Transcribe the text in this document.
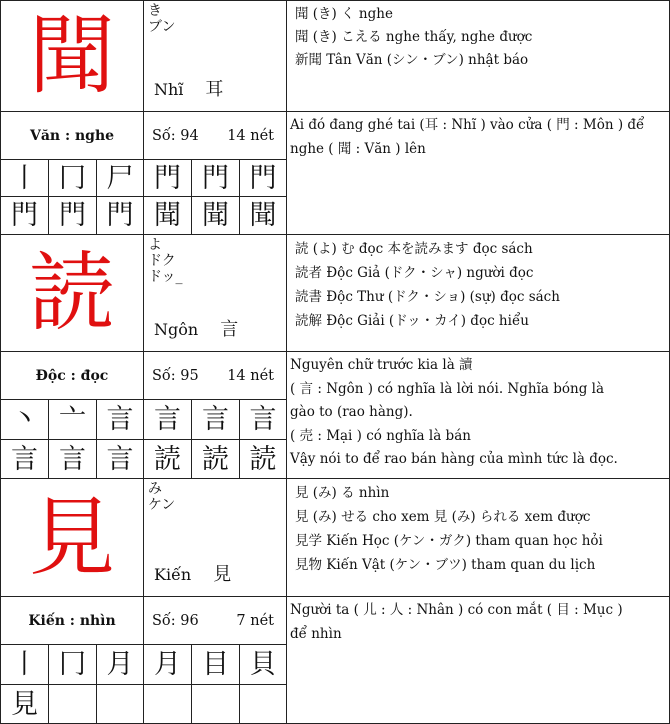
聞 き
ブン
Nhĩ 耳
聞 (き) く nghe
聞 (き) こえる nghe thấy, nghe được
新聞 Tân Văn (シン・ブン) nhật báo
Văn : nghe	Số: 94 14 nét
Ai đó đang ghé tai (耳 : Nhĩ ) vào cửa ( 門 : Môn ) để
nghe ( 聞 : Văn ) lên
丨 冂 尸 門 門 門
門 門 門 聞 聞 聞
読 よ
ドク
ドッ_
Ngôn 言
読 (よ) む đọc 本を読みます đọc sách
読者 Độc Giả (ドク・シャ) người đọc
読書 Độc Thư (ドク・ショ) (sự) đọc sách
読解 Độc Giải (ドッ・カイ) đọc hiểu
Độc : đọc	Số: 95 14 nét
Nguyên chữ trước kia là 讀
( 言 : Ngôn ) có nghĩa là lời nói. Nghĩa bóng là
gào to (rao hàng).
( 売 : Mại ) có nghĩa là bán
Vậy nói to để rao bán hàng của mình tức là đọc.
丶 亠 言 言 言 言
言 言 言 読 読 読
見 み
ケン
Kiến 見
見 (み) る nhìn
見 (み) せる cho xem 見 (み) られる xem được
見学 Kiến Học (ケン・ガク) tham quan học hỏi
見物 Kiến Vật (ケン・ブツ) tham quan du lịch
Kiến : nhìn	Số: 96	7 nét
Người ta ( 儿 : 人 : Nhân ) có con mắt ( 目 : Mục )
để nhìn
丨 冂 月 月 目 貝
見
